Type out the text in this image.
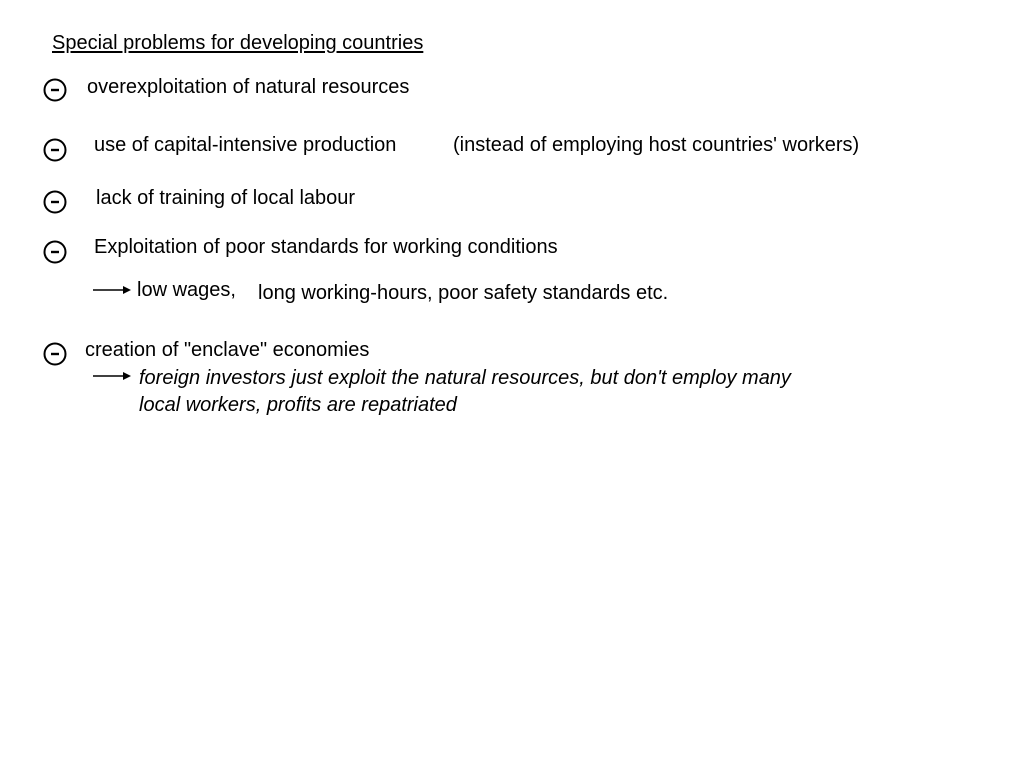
Special problems for developing countries
overexploitation of natural resources
use of capital-intensive production	(instead of employing host countries' workers)
lack of training of local labour
Exploitation of poor standards for working conditions
low wages, long working-hours, poor safety standards etc.
creation of "enclave" economies
foreign investors just exploit the natural resources, but don't employ many
local workers, profits are repatriated
